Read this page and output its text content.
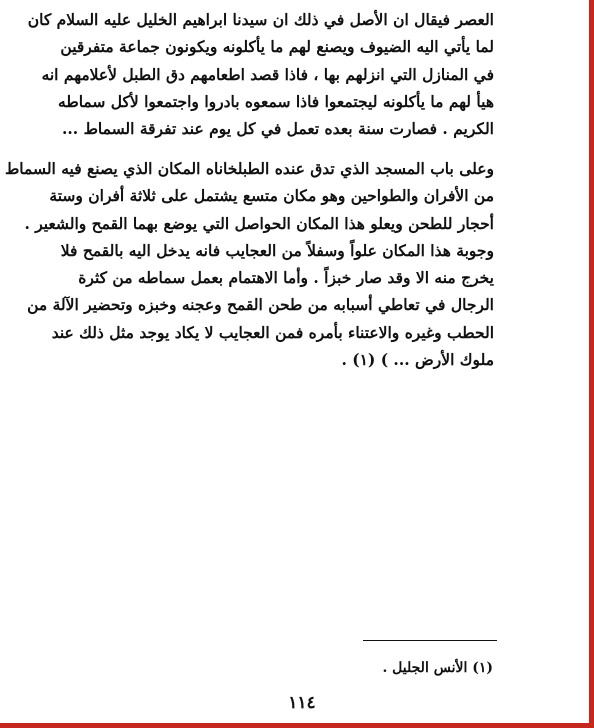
العصر فيقال ان الأصل في ذلك ان سيدنا ابراهيم الخليل عليه السلام كان
لما يأتي اليه الضيوف ويصنع لهم ما يأكلونه ويكونون جماعة متفرقين
في المنازل التي انزلهم بها ، فاذا قصد اطعامهم دق الطبل لأعلامهم انه
هيأ لهم ما يأكلونه ليجتمعوا فاذا سمعوه بادروا واجتمعوا لأكل سماطه
الكريم . فصارت سنة بعده تعمل في كل يوم عند تفرقة السماط ...
وعلى باب المسجد الذي تدق عنده الطبلخاناه المكان الذي يصنع فيه السماط
من الأفران والطواحين وهو مكان متسع يشتمل على ثلاثة أفران وستة
أحجار للطحن ويعلو هذا المكان الحواصل التي يوضع بهما القمح والشعير .
وجوبة هذا المكان علواً وسفلاً من العجايب فانه يدخل اليه بالقمح فلا
يخرج منه الا وقد صار خبزاً . وأما الاهتمام بعمل سماطه من كثرة
الرجال في تعاطي أسبابه من طحن القمح وعجنه وخبزه وتحضير الآلة من
الحطب وغيره والاعتناء بأمره فمن العجايب لا يكاد يوجد مثل ذلك عند
ملوك الأرض ... ) (١) .
(١) الأنس الجليل .
١١٤
